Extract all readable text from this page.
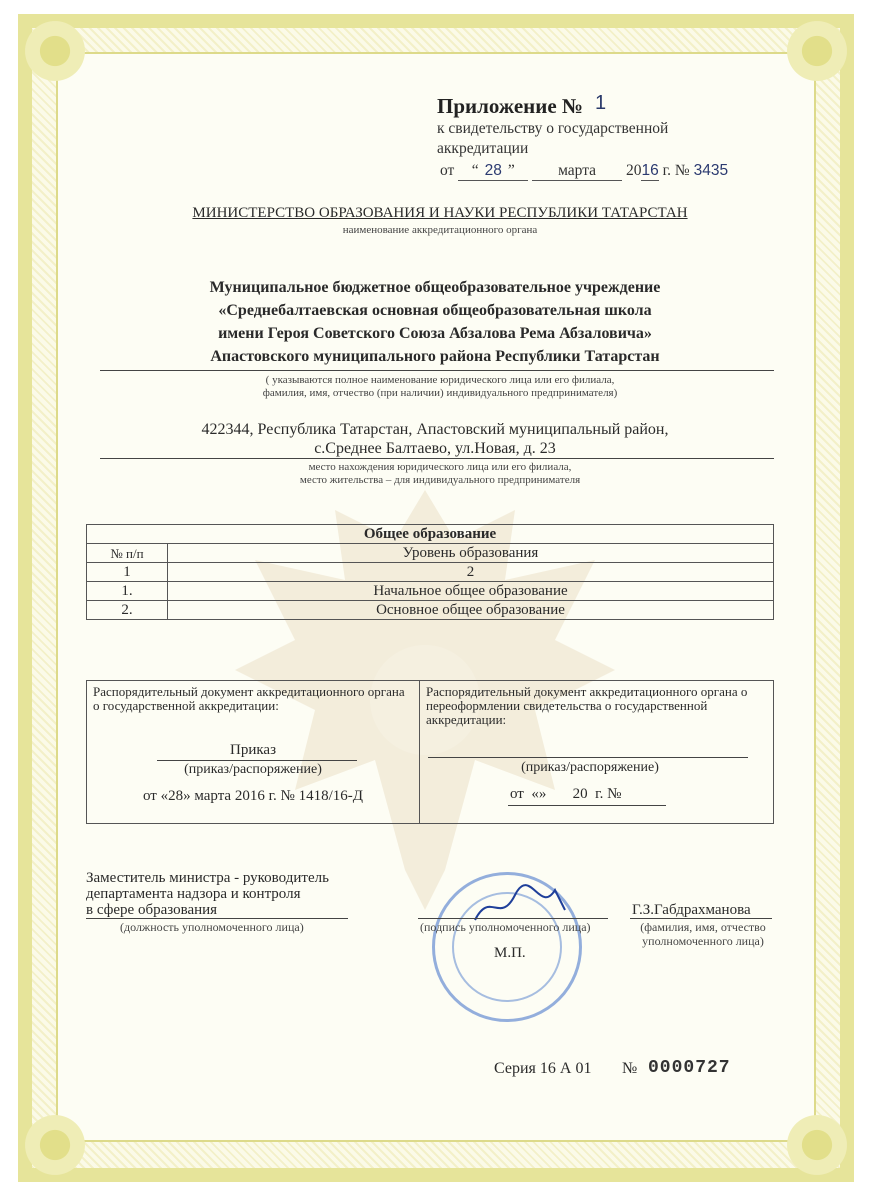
Приложение № 1
к свидетельству о государственной
аккредитации
от “ 28 ”	марта 2016 г. № 3435
МИНИСТЕРСТВО ОБРАЗОВАНИЯ И НАУКИ РЕСПУБЛИКИ ТАТАРСТАН
наименование аккредитационного органа
Муниципальное бюджетное общеобразовательное учреждение
«Среднебалтаевская основная общеобразовательная школа
имени Героя Советского Союза Абзалова Рема Абзаловича»
Апастовского муниципального района Республики Татарстан
( указываются полное наименование юридического лица или его филиала,
фамилия, имя, отчество (при наличии) индивидуального предпринимателя)
422344, Республика Татарстан, Апастовский муниципальный район,
с.Среднее Балтаево, ул.Новая, д. 23
место нахождения юридического лица или его филиала,
место жительства – для индивидуального предпринимателя
Общее образование	
№ п/п	Уровень образования
1	2
1.	Начальное общее образование
2.	Основное общее образование
Распорядительный документ аккредитационного органа о государственной аккредитации:
Приказ
(приказ/распоряжение)
от «28» марта 2016 г. № 1418/16-Д
Распорядительный документ аккредитационного органа о переоформлении свидетельства о государственной аккредитации:
(приказ/распоряжение)
от  «»       20  г. №
Заместитель министра - руководитель
департамента надзора и контроля
в сфере образования
(должность уполномоченного лица)	(подпись уполномоченного лица)
Г.З.Габдрахманова
(фамилия, имя, отчество
уполномоченного лица)
М.П.
Серия 16 А 01 № 0000727
